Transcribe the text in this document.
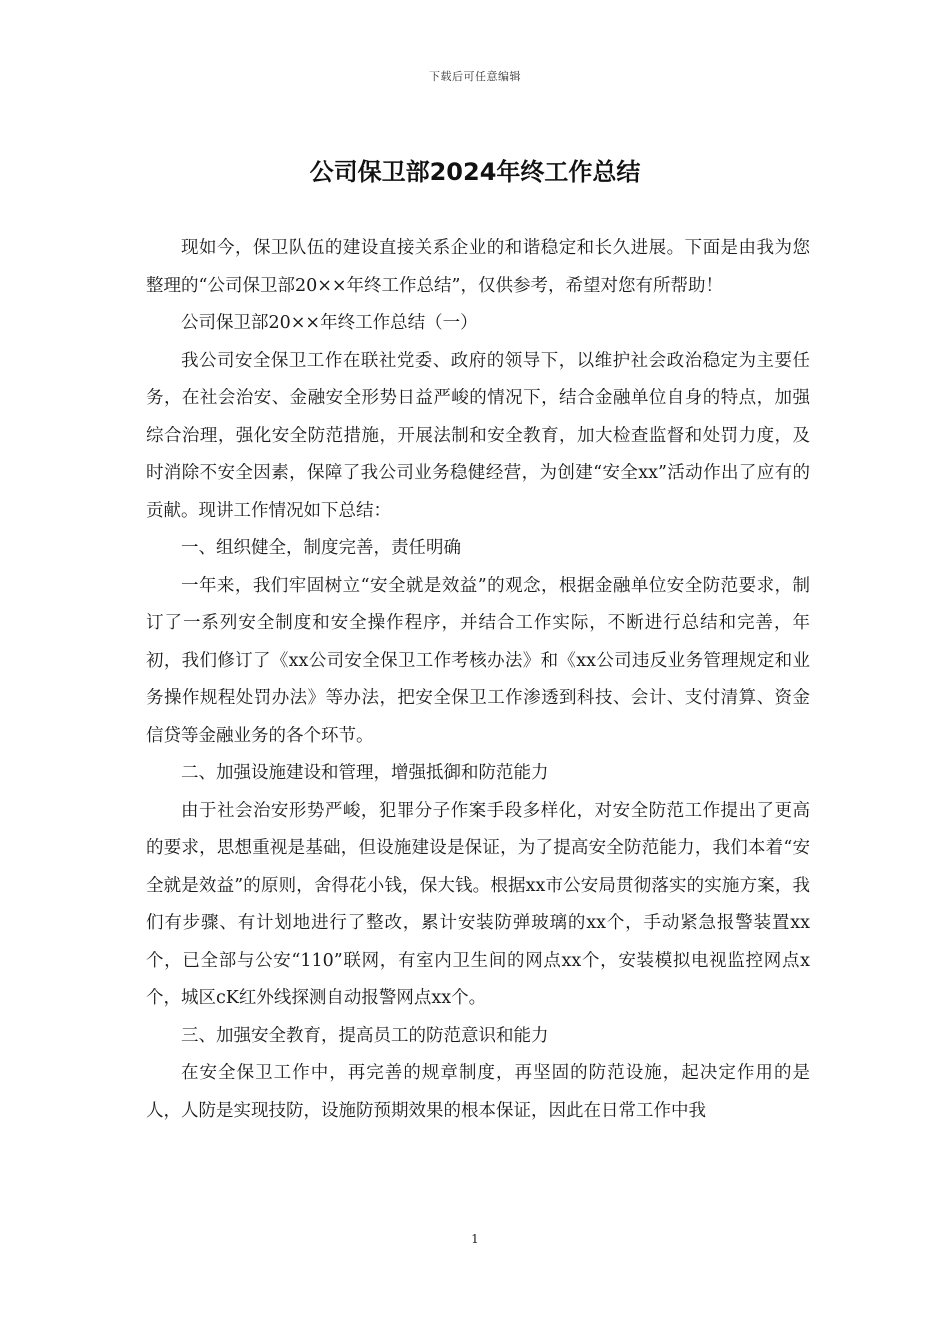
下载后可任意编辑
公司保卫部2024年终工作总结

现如今，保卫队伍的建设直接关系企业的和谐稳定和长久进展。下面是由我为您整理的“公司保卫部20××年终工作总结”，仅供参考，希望对您有所帮助！

公司保卫部20××年终工作总结（一）

我公司安全保卫工作在联社党委、政府的领导下，以维护社会政治稳定为主要任务，在社会治安、金融安全形势日益严峻的情况下，结合金融单位自身的特点，加强综合治理，强化安全防范措施，开展法制和安全教育，加大检查监督和处罚力度，及时消除不安全因素，保障了我公司业务稳健经营，为创建“安全xx”活动作出了应有的贡献。现讲工作情况如下总结：

一、组织健全，制度完善，责任明确

一年来，我们牢固树立“安全就是效益”的观念，根据金融单位安全防范要求，制订了一系列安全制度和安全操作程序，并结合工作实际，不断进行总结和完善，年初，我们修订了《xx公司安全保卫工作考核办法》和《xx公司违反业务管理规定和业务操作规程处罚办法》等办法，把安全保卫工作渗透到科技、会计、支付清算、资金信贷等金融业务的各个环节。

二、加强设施建设和管理，增强抵御和防范能力

由于社会治安形势严峻，犯罪分子作案手段多样化，对安全防范工作提出了更高的要求，思想重视是基础，但设施建设是保证，为了提高安全防范能力，我们本着“安全就是效益”的原则，舍得花小钱，保大钱。根据xx市公安局贯彻落实的实施方案，我们有步骤、有计划地进行了整改，累计安装防弹玻璃的xx个，手动紧急报警装置xx个，已全部与公安“110”联网，有室内卫生间的网点xx个，安装模拟电视监控网点x个，城区cK红外线探测自动报警网点xx个。

三、加强安全教育，提高员工的防范意识和能力

在安全保卫工作中，再完善的规章制度，再坚固的防范设施，起决定作用的是人，人防是实现技防，设施防预期效果的根本保证，因此在日常工作中我

1
